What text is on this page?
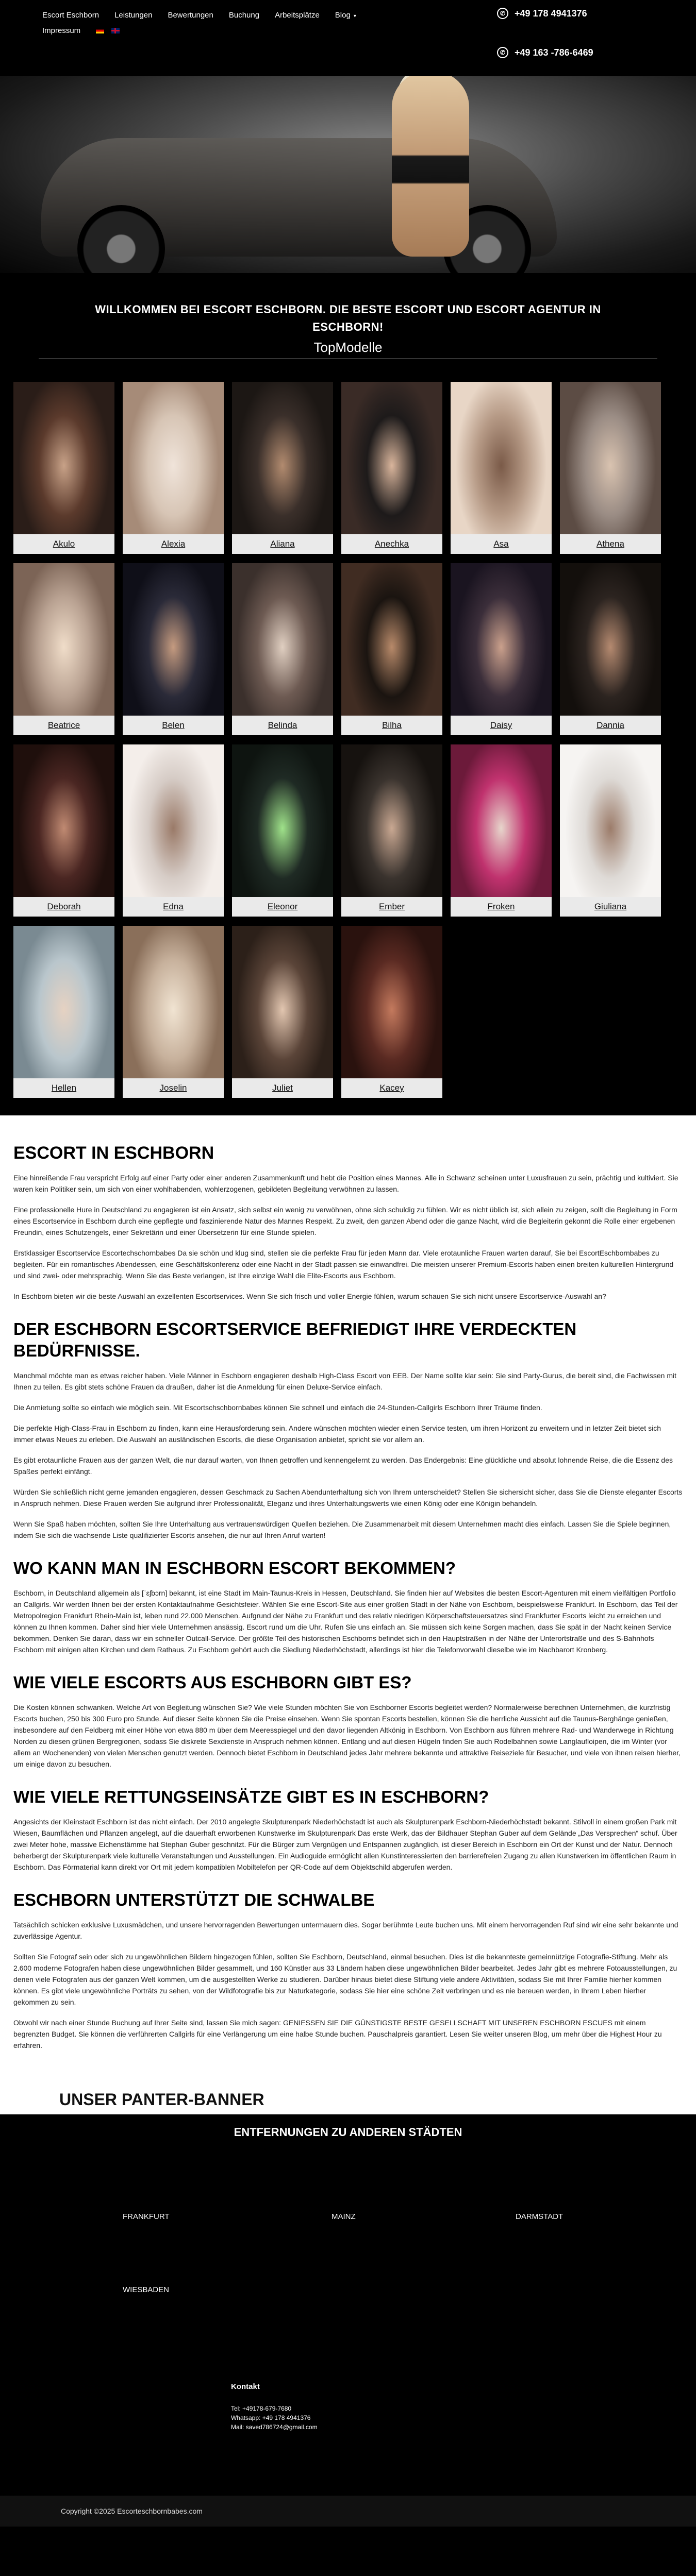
Escort Eschborn Leistungen Bewertungen Buchung Arbeitsplätze Blog ▾
Impressum
✆ +49 178 4941376
✆ +49 163 -786-6469
WILLKOMMEN BEI ESCORT ESCHBORN. DIE BESTE ESCORT UND ESCORT AGENTUR IN ESCHBORN!
TopModelle
Akulo	Alexia	Aliana	Anechka	Asa	Athena
Beatrice	Belen	Belinda	Bilha	Daisy	Dannia
Deborah	Edna	Eleonor	Ember	Froken	Giuliana
Hellen	Joselin	Juliet	Kacey
ESCORT IN ESCHBORN

Eine hinreißende Frau verspricht Erfolg auf einer Party oder einer anderen Zusammenkunft und hebt die Position eines Mannes. Alle in Schwanz scheinen unter Luxusfrauen zu sein, prächtig und kultiviert. Sie waren kein Politiker sein, um sich von einer wohlhabenden, wohlerzogenen, gebildeten Begleitung verwöhnen zu lassen.

Eine professionelle Hure in Deutschland zu engagieren ist ein Ansatz, sich selbst ein wenig zu verwöhnen, ohne sich schuldig zu fühlen. Wir es nicht üblich ist, sich allein zu zeigen, sollt die Begleitung in Form eines Escortservice in Eschborn durch eine gepflegte und faszinierende Natur des Mannes Respekt. Zu zweit, den ganzen Abend oder die ganze Nacht, wird die Begleiterin gekonnt die Rolle einer ergebenen Freundin, eines Schutzengels, einer Sekretärin und einer Übersetzerin für eine Stunde spielen.

Erstklassiger Escortservice Escortechschornbabes Da sie schön und klug sind, stellen sie die perfekte Frau für jeden Mann dar. Viele erotaunliche Frauen warten darauf, Sie bei EscortEschbornbabes zu begleiten. Für ein romantisches Abendessen, eine Geschäftskonferenz oder eine Nacht in der Stadt passen sie einwandfrei. Die meisten unserer Premium-Escorts haben einen breiten kulturellen Hintergrund und sind zwei- oder mehrsprachig. Wenn Sie das Beste verlangen, ist Ihre einzige Wahl die Elite-Escorts aus Eschborn.

In Eschborn bieten wir die beste Auswahl an exzellenten Escortservices. Wenn Sie sich frisch und voller Energie fühlen, warum schauen Sie sich nicht unsere Escortservice-Auswahl an?

DER ESCHBORN ESCORTSERVICE BEFRIEDIGT IHRE VERDECKTEN BEDÜRFNISSE.

Manchmal möchte man es etwas reicher haben. Viele Männer in Eschborn engagieren deshalb High-Class Escort von EEB. Der Name sollte klar sein: Sie sind Party-Gurus, die bereit sind, die Fachwissen mit Ihnen zu teilen. Es gibt stets schöne Frauen da draußen, daher ist die Anmeldung für einen Deluxe-Service einfach.

Die Anmietung sollte so einfach wie möglich sein. Mit Escortschschbornbabes können Sie schnell und einfach die 24-Stunden-Callgirls Eschborn Ihrer Träume finden.

Die perfekte High-Class-Frau in Eschborn zu finden, kann eine Herausforderung sein. Andere wünschen möchten wieder einen Service testen, um ihren Horizont zu erweitern und in letzter Zeit bietet sich immer etwas Neues zu erleben. Die Auswahl an ausländischen Escorts, die diese Organisation anbietet, spricht sie vor allem an.

Es gibt erotaunliche Frauen aus der ganzen Welt, die nur darauf warten, von Ihnen getroffen und kennengelernt zu werden. Das Endergebnis: Eine glückliche und absolut lohnende Reise, die die Essenz des Spaßes perfekt einfängt.

Würden Sie schließlich nicht gerne jemanden engagieren, dessen Geschmack zu Sachen Abendunterhaltung sich von Ihrem unterscheidet? Stellen Sie sichersicht sicher, dass Sie die Dienste eleganter Escorts in Anspruch nehmen. Diese Frauen werden Sie aufgrund ihrer Professionalität, Eleganz und ihres Unterhaltungswerts wie einen König oder eine Königin behandeln.

Wenn Sie Spaß haben möchten, sollten Sie Ihre Unterhaltung aus vertrauenswürdigen Quellen beziehen. Die Zusammenarbeit mit diesem Unternehmen macht dies einfach. Lassen Sie die Spiele beginnen, indem Sie sich die wachsende Liste qualifizierter Escorts ansehen, die nur auf Ihren Anruf warten!

WO KANN MAN IN ESCHBORN ESCORT BEKOMMEN?

Eschborn, in Deutschland allgemein als [ˈɛʃbɔrn] bekannt, ist eine Stadt im Main-Taunus-Kreis in Hessen, Deutschland. Sie finden hier auf Websites die besten Escort-Agenturen mit einem vielfältigen Portfolio an Callgirls. Wir werden Ihnen bei der ersten Kontaktaufnahme Gesichtsfeier. Wählen Sie eine Escort-Site aus einer großen Stadt in der Nähe von Eschborn, beispielsweise Frankfurt. In Eschborn, das Teil der Metropolregion Frankfurt Rhein-Main ist, leben rund 22.000 Menschen. Aufgrund der Nähe zu Frankfurt und des relativ niedrigen Körperschaftsteuersatzes sind Frankfurter Escorts leicht zu erreichen und können zu Ihnen kommen. Daher sind hier viele Unternehmen ansässig. Escort rund um die Uhr. Rufen Sie uns einfach an. Sie müssen sich keine Sorgen machen, dass Sie spät in der Nacht keinen Service bekommen. Denken Sie daran, dass wir ein schneller Outcall-Service. Der größte Teil des historischen Eschborns befindet sich in den Hauptstraßen in der Nähe der Unterortstraße und des S-Bahnhofs Eschborn mit einigen alten Kirchen und dem Rathaus. Zu Eschborn gehört auch die Siedlung Niederhöchstadt, allerdings ist hier die Telefonvorwahl dieselbe wie im Nachbarort Kronberg.

WIE VIELE ESCORTS AUS ESCHBORN GIBT ES?

Die Kosten können schwanken. Welche Art von Begleitung wünschen Sie? Wie viele Stunden möchten Sie von Eschborner Escorts begleitet werden? Normalerweise berechnen Unternehmen, die kurzfristig Escorts buchen, 250 bis 300 Euro pro Stunde. Auf dieser Seite können Sie die Preise einsehen. Wenn Sie spontan Escorts bestellen, können Sie die herrliche Aussicht auf die Taunus-Berghänge genießen, insbesondere auf den Feldberg mit einer Höhe von etwa 880 m über dem Meeresspiegel und den davor liegenden Altkönig in Eschborn. Von Eschborn aus führen mehrere Rad- und Wanderwege in Richtung Norden zu diesen grünen Bergregionen, sodass Sie diskrete Sexdienste in Anspruch nehmen können. Entlang und auf diesen Hügeln finden Sie auch Rodelbahnen sowie Langlaufloipen, die im Winter (vor allem an Wochenenden) von vielen Menschen genutzt werden. Dennoch bietet Eschborn in Deutschland jedes Jahr mehrere bekannte und attraktive Reiseziele für Besucher, und viele von ihnen reisen hierher, um einige davon zu besuchen.

WIE VIELE RETTUNGSEINSÄTZE GIBT ES IN ESCHBORN?

Angesichts der Kleinstadt Eschborn ist das nicht einfach. Der 2010 angelegte Skulpturenpark Niederhöchstadt ist auch als Skulpturenpark Eschborn-Niederhöchstadt bekannt. Stilvoll in einem großen Park mit Wiesen, Baumflächen und Pflanzen angelegt, auf die dauerhaft erworbenen Kunstwerke im Skulpturenpark Das erste Werk, das der Bildhauer Stephan Guber auf dem Gelände „Das Versprechen“ schuf. Über zwei Meter hohe, massive Eichenstämme hat Stephan Guber geschnitzt. Für die Bürger zum Vergnügen und Entspannen zugänglich, ist dieser Bereich in Eschborn ein Ort der Kunst und der Natur. Dennoch beherbergt der Skulpturenpark viele kulturelle Veranstaltungen und Ausstellungen. Ein Audioguide ermöglicht allen Kunstinteressierten den barrierefreien Zugang zu allen Kunstwerken im öffentlichen Raum in Eschborn. Das Förmaterial kann direkt vor Ort mit jedem kompatiblen Mobiltelefon per QR-Code auf dem Objektschild abgerufen werden.

ESCHBORN UNTERSTÜTZT DIE SCHWALBE

Tatsächlich schicken exklusive Luxusmädchen, und unsere hervorragenden Bewertungen untermauern dies. Sogar berühmte Leute buchen uns. Mit einem hervorragenden Ruf sind wir eine sehr bekannte und zuverlässige Agentur.

Sollten Sie Fotograf sein oder sich zu ungewöhnlichen Bildern hingezogen fühlen, sollten Sie Eschborn, Deutschland, einmal besuchen. Dies ist die bekannteste gemeinnützige Fotografie-Stiftung. Mehr als 2.600 moderne Fotografen haben diese ungewöhnlichen Bilder gesammelt, und 160 Künstler aus 33 Ländern haben diese ungewöhnlichen Bilder bearbeitet. Jedes Jahr gibt es mehrere Fotoausstellungen, zu denen viele Fotografen aus der ganzen Welt kommen, um die ausgestellten Werke zu studieren. Darüber hinaus bietet diese Stiftung viele andere Aktivitäten, sodass Sie mit Ihrer Familie hierher kommen können. Es gibt viele ungewöhnliche Porträts zu sehen, von der Wildfotografie bis zur Naturkategorie, sodass Sie hier eine schöne Zeit verbringen und es nie bereuen werden, in Ihrem Leben hierher gekommen zu sein.

Obwohl wir nach einer Stunde Buchung auf Ihrer Seite sind, lassen Sie mich sagen: GENIESSEN SIE DIE GÜNSTIGSTE BESTE GESELLSCHAFT MIT UNSEREN ESCHBORN ESCUES mit einem begrenzten Budget. Sie können die verführerten Callgirls für eine Verlängerung um eine halbe Stunde buchen. Pauschalpreis garantiert. Lesen Sie weiter unseren Blog, um mehr über die Highest Hour zu erfahren.

UNSER PANTER-BANNER
ENTFERNUNGEN ZU ANDEREN STÄDTEN
FRANKFURT	MAINZ	DARMSTADT
WIESBADEN
Kontakt
Tel: +49178-679-7680
Whatsapp: +49 178 4941376
Mail: saved786724@gmail.com
Copyright ©2025 Escorteschbornbabes.com
